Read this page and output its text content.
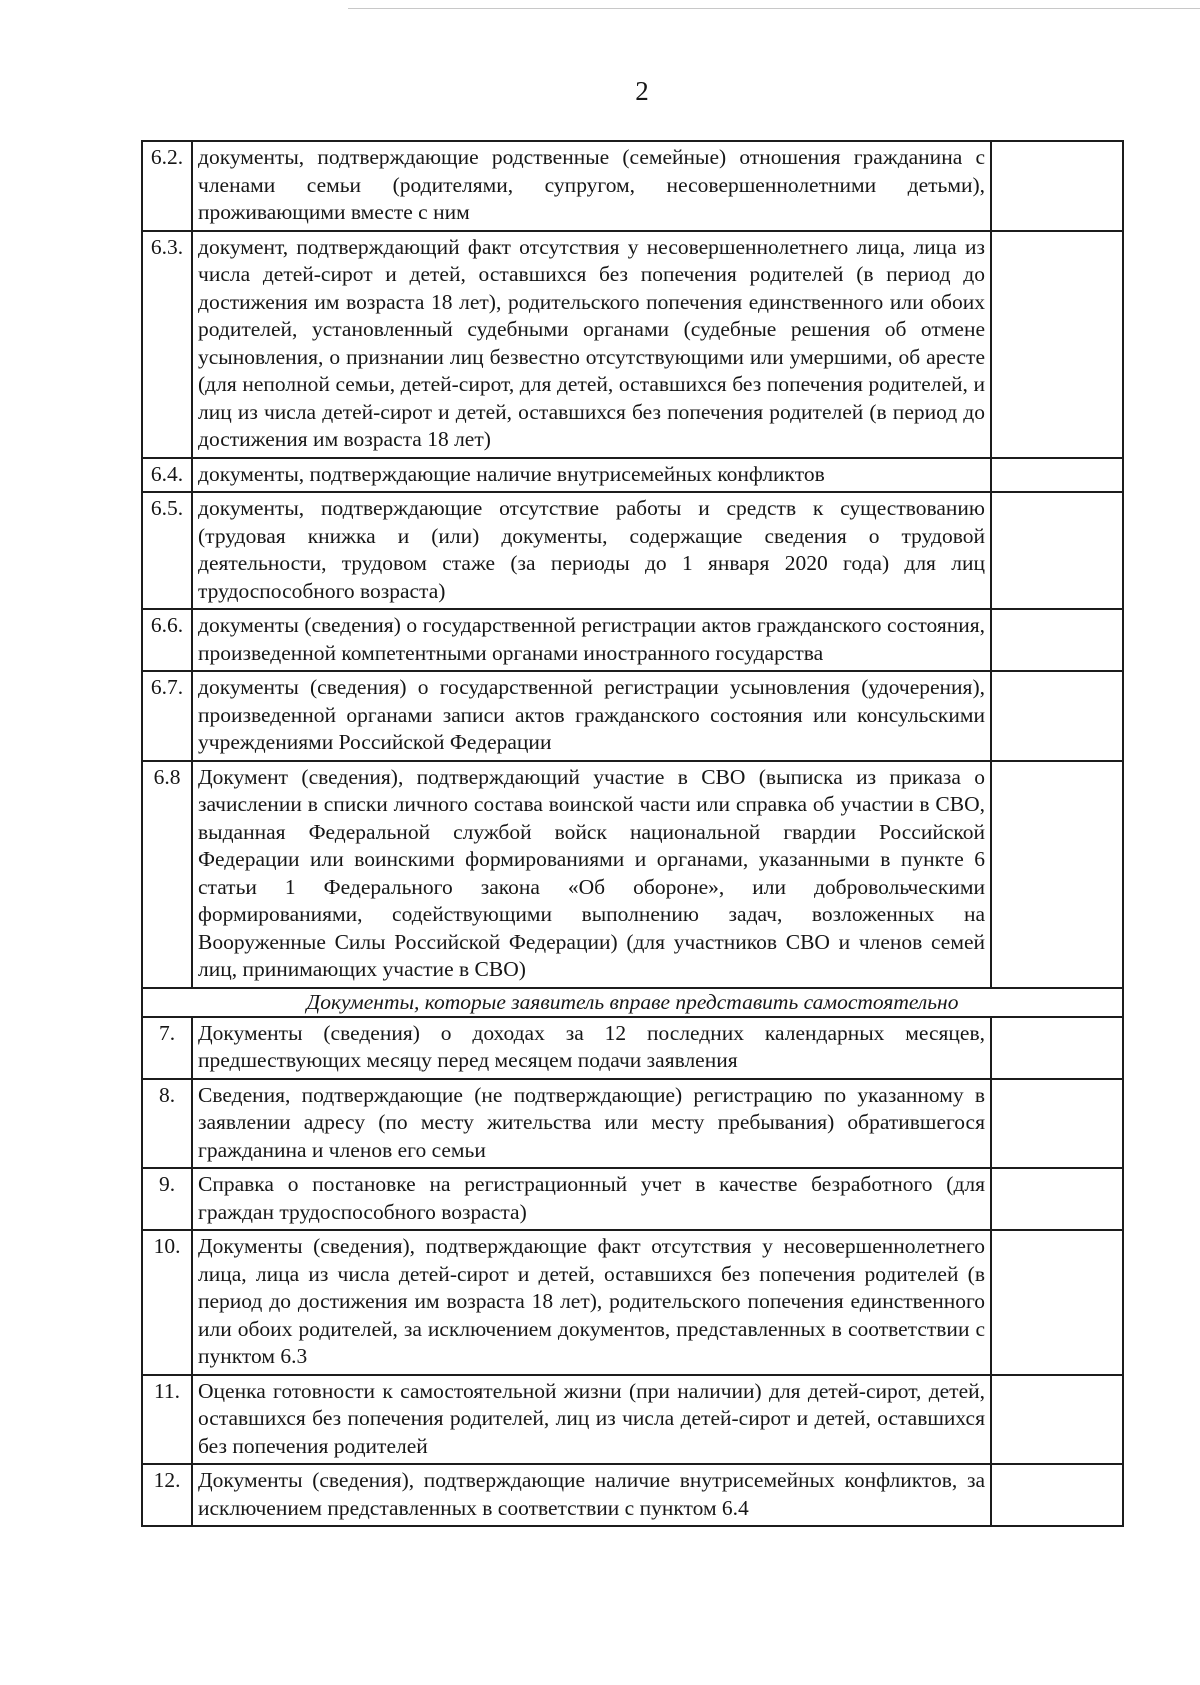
2
6.2.	документы, подтверждающие родственные (семейные) отношения гражданина с членами семьи (родителями, супругом, несовершеннолетними детьми), проживающими вместе с ним	
6.3.	документ, подтверждающий факт отсутствия у несовершеннолетнего лица, лица из числа детей-сирот и детей, оставшихся без попечения родителей (в период до достижения им возраста 18 лет), родительского попечения единственного или обоих родителей, установленный судебными органами (судебные решения об отмене усыновления, о признании лиц безвестно отсутствующими или умершими, об аресте (для неполной семьи, детей-сирот, для детей, оставшихся без попечения родителей, и лиц из числа детей-сирот и детей, оставшихся без попечения родителей (в период до достижения им возраста 18 лет)	
6.4.	документы, подтверждающие наличие внутрисемейных конфликтов	
6.5.	документы, подтверждающие отсутствие работы и средств к существованию (трудовая книжка и (или) документы, содержащие сведения о трудовой деятельности, трудовом стаже (за периоды до 1 января 2020 года) для лиц трудоспособного возраста)	
6.6.	документы (сведения) о государственной регистрации актов гражданского состояния, произведенной компетентными органами иностранного государства	
6.7.	документы (сведения) о государственной регистрации усыновления (удочерения), произведенной органами записи актов гражданского состояния или консульскими учреждениями Российской Федерации	
6.8	Документ (сведения), подтверждающий участие в СВО (выписка из приказа о зачислении в списки личного состава воинской части или справка об участии в СВО, выданная Федеральной службой войск национальной гвардии Российской Федерации или воинскими формированиями и органами, указанными в пункте 6 статьи 1 Федерального закона «Об обороне», или добровольческими формированиями, содействующими выполнению задач, возложенных на Вооруженные Силы Российской Федерации) (для участников СВО и членов семей лиц, принимающих участие в СВО)	
Документы, которые заявитель вправе представить самостоятельно		
7.	Документы (сведения) о доходах за 12 последних календарных месяцев, предшествующих месяцу перед месяцем подачи заявления	
8.	Сведения, подтверждающие (не подтверждающие) регистрацию по указанному в заявлении адресу (по месту жительства или месту пребывания) обратившегося гражданина и членов его семьи	
9.	Справка о постановке на регистрационный учет в качестве безработного (для граждан трудоспособного возраста)	
10.	Документы (сведения), подтверждающие факт отсутствия у несовершеннолетнего лица, лица из числа детей-сирот и детей, оставшихся без попечения родителей (в период до достижения им возраста 18 лет), родительского попечения единственного или обоих родителей, за исключением документов, представленных в соответствии с пунктом 6.3	
11.	Оценка готовности к самостоятельной жизни (при наличии) для детей-сирот, детей, оставшихся без попечения родителей, лиц из числа детей-сирот и детей, оставшихся без попечения родителей	
12.	Документы (сведения), подтверждающие наличие внутрисемейных конфликтов, за исключением представленных в соответствии с пунктом 6.4	
